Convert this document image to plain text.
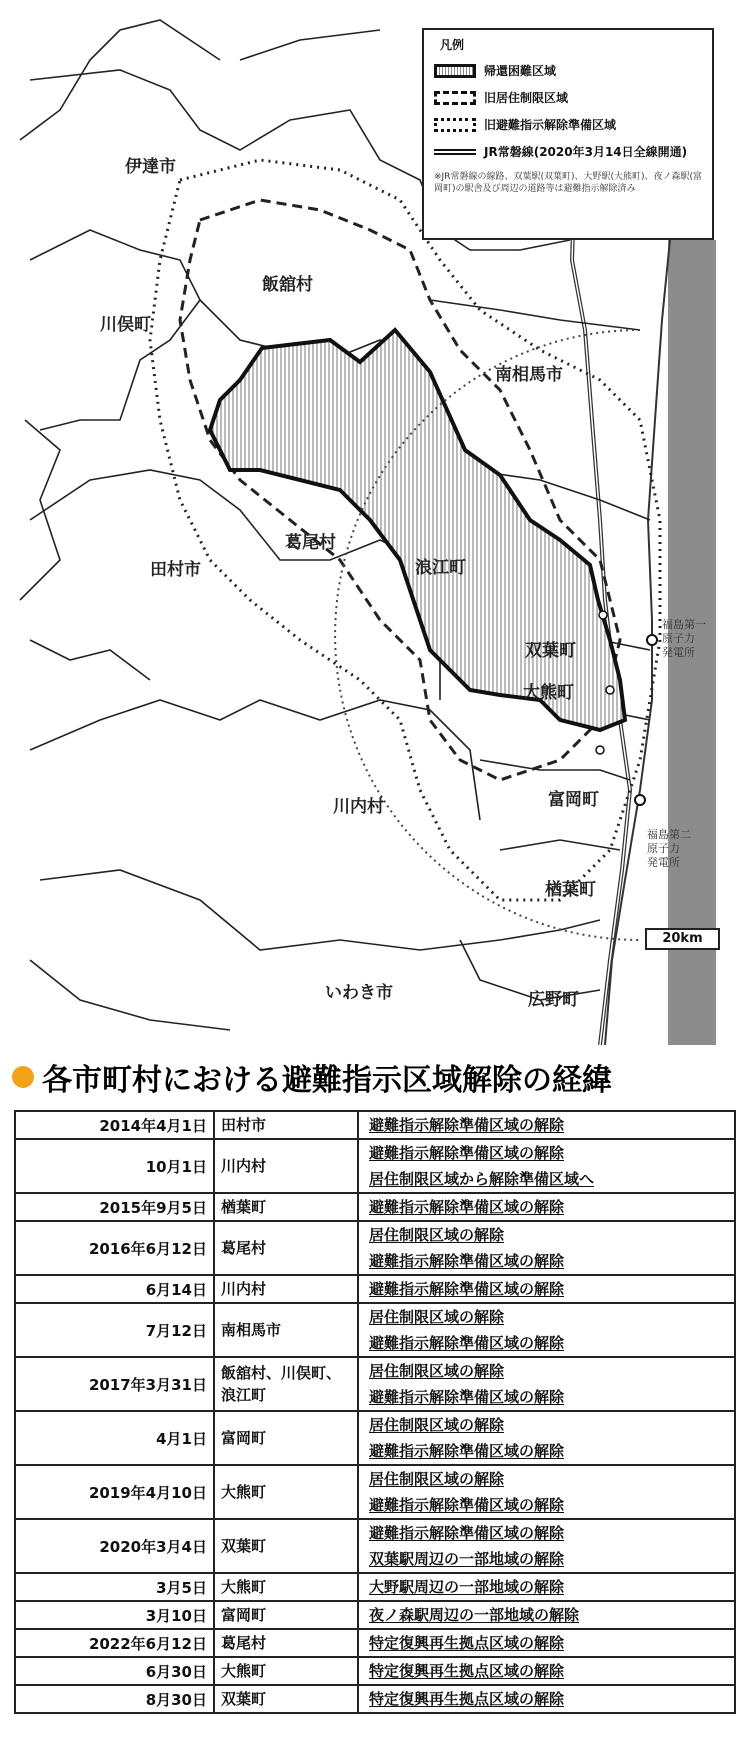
凡例
帰還困難区域
旧居住制限区域
旧避難指示解除準備区域
JR常磐線(2020年3月14日全線開通)
※JR常磐線の線路、双葉駅(双葉町)、大野駅(大熊町)、夜ノ森駅(富岡町)の駅舎及び周辺の道路等は避難指示解除済み
伊達市
飯舘村
川俣町
南相馬市
葛尾村
田村市	浪江町
双葉町
大熊町
川内村	富岡町
楢葉町
いわき市	広野町
福島第一
原子力
発電所
福島第二
原子力
発電所
20km
各市町村における避難指示区域解除の経緯
2014年4月1日	田村市	避難指示解除準備区域の解除

10月1日	川内村	避難指示解除準備区域の解除
居住制限区域から解除準備区域へ

2015年9月5日	楢葉町	避難指示解除準備区域の解除

2016年6月12日	葛尾村	居住制限区域の解除
避難指示解除準備区域の解除

6月14日	川内村	避難指示解除準備区域の解除

7月12日	南相馬市	居住制限区域の解除
避難指示解除準備区域の解除

2017年3月31日	飯舘村、川俣町、浪江町	居住制限区域の解除
避難指示解除準備区域の解除

4月1日	富岡町	居住制限区域の解除
避難指示解除準備区域の解除

2019年4月10日	大熊町	居住制限区域の解除
避難指示解除準備区域の解除

2020年3月4日	双葉町	避難指示解除準備区域の解除
双葉駅周辺の一部地域の解除

3月5日	大熊町	大野駅周辺の一部地域の解除

3月10日	富岡町	夜ノ森駅周辺の一部地域の解除

2022年6月12日	葛尾村	特定復興再生拠点区域の解除

6月30日	大熊町	特定復興再生拠点区域の解除

8月30日	双葉町	特定復興再生拠点区域の解除
